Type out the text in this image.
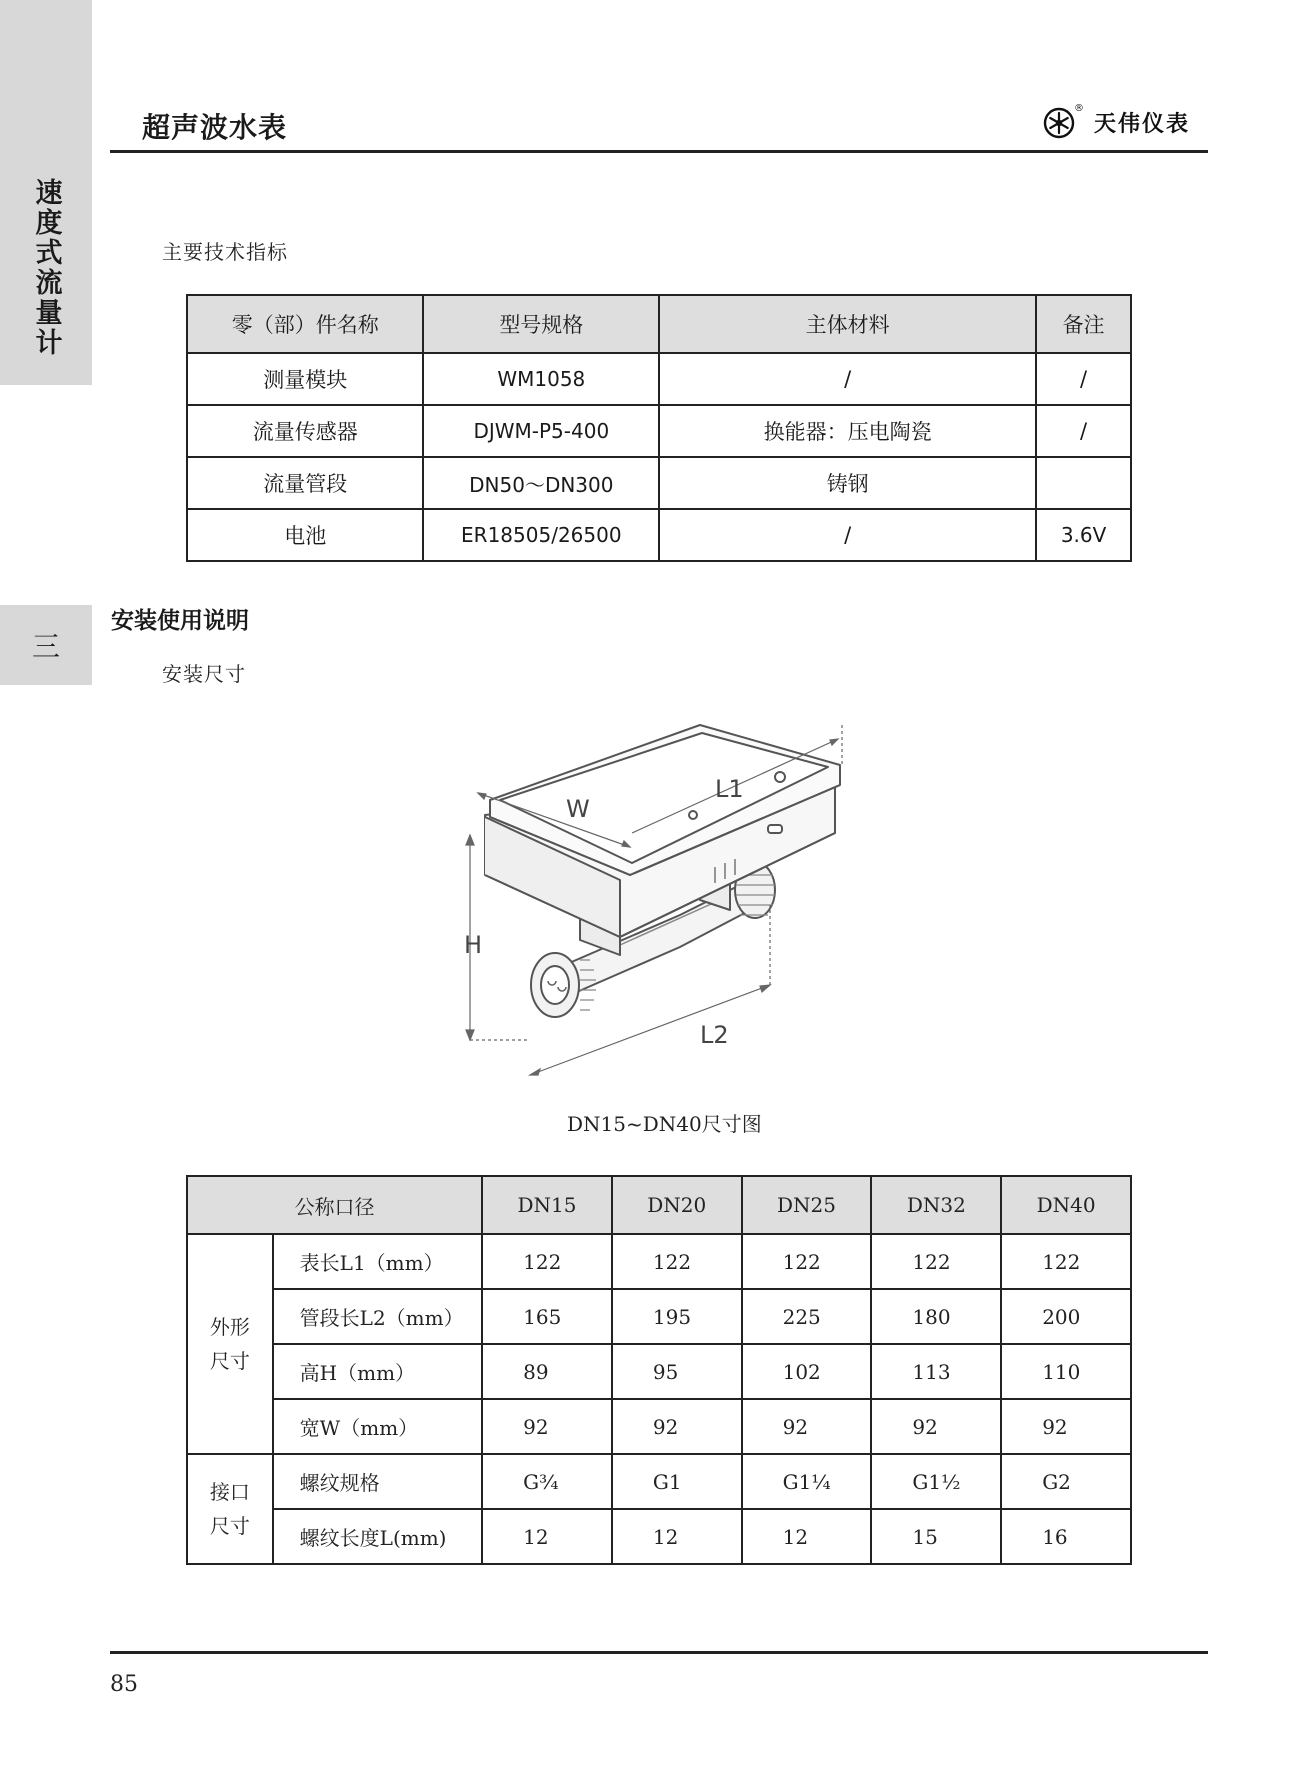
速度式流量计
三
超声波水表
®
天伟仪表
主要技术指标
零（部）件名称	型号规格	主体材料	备注
测量模块	WM1058	/	/
流量传感器	DJWM-P5-400	换能器：压电陶瓷	/
流量管段	DN50～DN300	铸钢	
电池	ER18505/26500	/	3.6V
安装使用说明
安装尺寸
W
L1
H
L2
DN15~DN40尺寸图
公称口径		DN15	DN20	DN25	DN32	DN40

外形
尺寸	表长L1（mm）	122	122	122	122	122
	管段长L2（mm）	165	195	225	180	200
	高H（mm）	89	95	102	113	110
	宽W（mm）	92	92	92	92	92

接口
尺寸	螺纹规格	G¾	G1	G1¼	G1½	G2
	螺纹长度L(mm)	12	12	12	15	16
85
